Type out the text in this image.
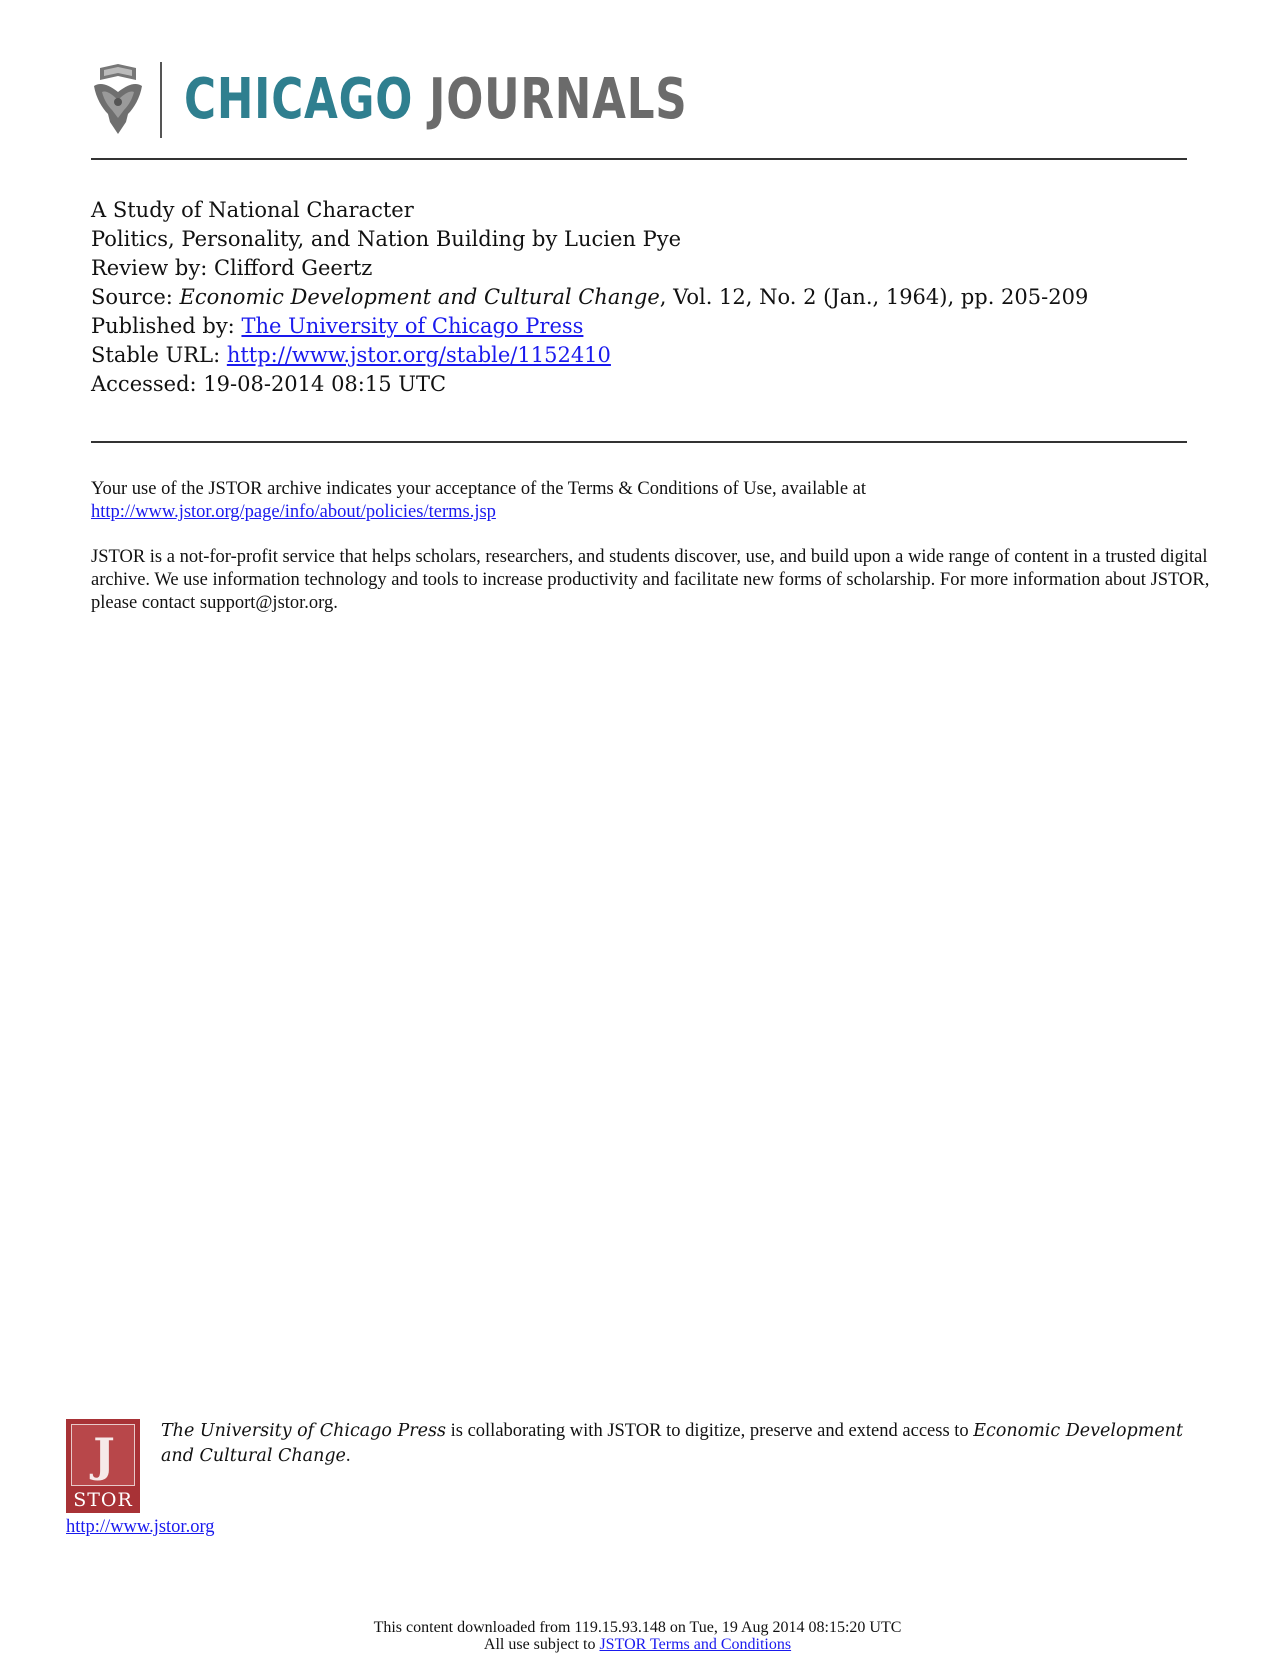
CHICAGO JOURNALS
A Study of National Character
Politics, Personality, and Nation Building by Lucien Pye
Review by: Clifford Geertz
Source: Economic Development and Cultural Change, Vol. 12, No. 2 (Jan., 1964), pp. 205-209
Published by: The University of Chicago Press
Stable URL: http://www.jstor.org/stable/1152410
Accessed: 19-08-2014 08:15 UTC

Your use of the JSTOR archive indicates your acceptance of the Terms & Conditions of Use, available at

http://www.jstor.org/page/info/about/policies/terms.jsp

JSTOR is a not-for-profit service that helps scholars, researchers, and students discover, use, and build upon a wide range of content in a trusted digital archive. We use information technology and tools to increase productivity and facilitate new forms of scholarship. For more information about JSTOR, please contact support@jstor.org.

J
STOR
The University of Chicago Press is collaborating with JSTOR to digitize, preserve and extend access to Economic Development and Cultural Change.
http://www.jstor.org
This content downloaded from 119.15.93.148 on Tue, 19 Aug 2014 08:15:20 UTC
All use subject to JSTOR Terms and Conditions
